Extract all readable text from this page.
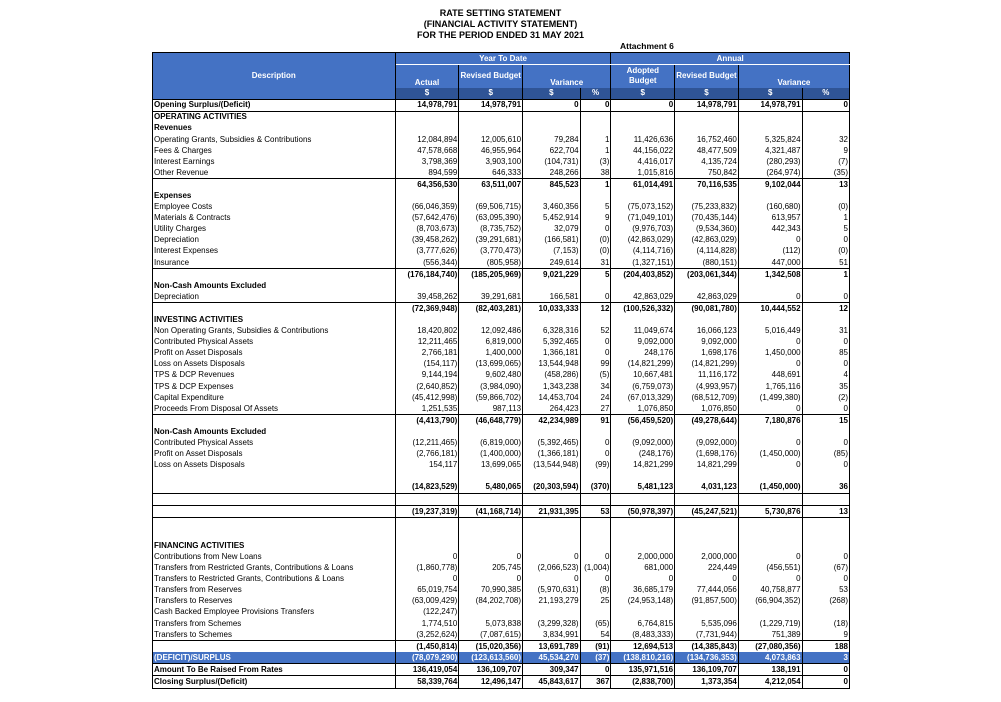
RATE SETTING STATEMENT
(FINANCIAL ACTIVITY STATEMENT)
FOR THE PERIOD ENDED 31 MAY 2021
Attachment 6
Description	Year To Date				Annual			
	Actual	Revised Budget	Variance		Adopted Budget	Revised Budget	Variance	
	$	$	$	%	$	$	$	%
Opening Surplus/(Deficit)	14,978,791	14,978,791	0	0	0	14,978,791	14,978,791	0
OPERATING ACTIVITIES								
Revenues								
Operating Grants, Subsidies & Contributions	12,084,894	12,005,610	79,284	1	11,426,636	16,752,460	5,325,824	32
Fees & Charges	47,578,668	46,955,964	622,704	1	44,156,022	48,477,509	4,321,487	9
Interest Earnings	3,798,369	3,903,100	(104,731)	(3)	4,416,017	4,135,724	(280,293)	(7)
Other Revenue	894,599	646,333	248,266	38	1,015,816	750,842	(264,974)	(35)
	64,356,530	63,511,007	845,523	1	61,014,491	70,116,535	9,102,044	13
Expenses								
Employee Costs	(66,046,359)	(69,506,715)	3,460,356	5	(75,073,152)	(75,233,832)	(160,680)	(0)
Materials & Contracts	(57,642,476)	(63,095,390)	5,452,914	9	(71,049,101)	(70,435,144)	613,957	1
Utility Charges	(8,703,673)	(8,735,752)	32,079	0	(9,976,703)	(9,534,360)	442,343	5
Depreciation	(39,458,262)	(39,291,681)	(166,581)	(0)	(42,863,029)	(42,863,029)	0	0
Interest Expenses	(3,777,626)	(3,770,473)	(7,153)	(0)	(4,114,716)	(4,114,828)	(112)	(0)
Insurance	(556,344)	(805,958)	249,614	31	(1,327,151)	(880,151)	447,000	51
	(176,184,740)	(185,205,969)	9,021,229	5	(204,403,852)	(203,061,344)	1,342,508	1
Non-Cash Amounts Excluded								
Depreciation	39,458,262	39,291,681	166,581	0	42,863,029	42,863,029	0	0
	(72,369,948)	(82,403,281)	10,033,333	12	(100,526,332)	(90,081,780)	10,444,552	12
INVESTING ACTIVITIES								
Non Operating Grants, Subsidies & Contributions	18,420,802	12,092,486	6,328,316	52	11,049,674	16,066,123	5,016,449	31
Contributed Physical Assets	12,211,465	6,819,000	5,392,465	0	9,092,000	9,092,000	0	0
Profit on Asset Disposals	2,766,181	1,400,000	1,366,181	0	248,176	1,698,176	1,450,000	85
Loss on Assets Disposals	(154,117)	(13,699,065)	13,544,948	99	(14,821,299)	(14,821,299)	0	0
TPS & DCP Revenues	9,144,194	9,602,480	(458,286)	(5)	10,667,481	11,116,172	448,691	4
TPS & DCP Expenses	(2,640,852)	(3,984,090)	1,343,238	34	(6,759,073)	(4,993,957)	1,765,116	35
Capital Expenditure	(45,412,998)	(59,866,702)	14,453,704	24	(67,013,329)	(68,512,709)	(1,499,380)	(2)
Proceeds From Disposal Of Assets	1,251,535	987,113	264,423	27	1,076,850	1,076,850	0	0
	(4,413,790)	(46,648,779)	42,234,989	91	(56,459,520)	(49,278,644)	7,180,876	15
Non-Cash Amounts Excluded								
Contributed Physical Assets	(12,211,465)	(6,819,000)	(5,392,465)	0	(9,092,000)	(9,092,000)	0	0
Profit on Asset Disposals	(2,766,181)	(1,400,000)	(1,366,181)	0	(248,176)	(1,698,176)	(1,450,000)	(85)
Loss on Assets Disposals	154,117	13,699,065	(13,544,948)	(99)	14,821,299	14,821,299	0	0

	(14,823,529)	5,480,065	(20,303,594)	(370)	5,481,123	4,031,123	(1,450,000)	36

	(19,237,319)	(41,168,714)	21,931,395	53	(50,978,397)	(45,247,521)	5,730,876	13

FINANCING ACTIVITIES								
Contributions from New Loans	0	0	0	0	2,000,000	2,000,000	0	0
Transfers from Restricted Grants, Contributions & Loans	(1,860,778)	205,745	(2,066,523)	(1,004)	681,000	224,449	(456,551)	(67)
Transfers to Restricted Grants, Contributions & Loans	0	0	0	0	0	0	0	0
Transfers from Reserves	65,019,754	70,990,385	(5,970,631)	(8)	36,685,179	77,444,056	40,758,877	53
Transfers to Reserves	(63,009,429)	(84,202,708)	21,193,279	25	(24,953,148)	(91,857,500)	(66,904,352)	(268)
Cash Backed Employee Provisions Transfers	(122,247)							
Transfers from Schemes	1,774,510	5,073,838	(3,299,328)	(65)	6,764,815	5,535,096	(1,229,719)	(18)
Transfers to Schemes	(3,252,624)	(7,087,615)	3,834,991	54	(8,483,333)	(7,731,944)	751,389	9
	(1,450,814)	(15,020,356)	13,691,789	(91)	12,694,513	(14,385,843)	(27,080,356)	188
(DEFICIT)/SURPLUS	(78,079,290)	(123,613,560)	45,534,270	(37)	(138,810,216)	(134,736,353)	4,073,863	3
Amount To Be Raised From Rates	136,419,054	136,109,707	309,347	0	135,971,516	136,109,707	138,191	0
Closing Surplus/(Deficit)	58,339,764	12,496,147	45,843,617	367	(2,838,700)	1,373,354	4,212,054	0
